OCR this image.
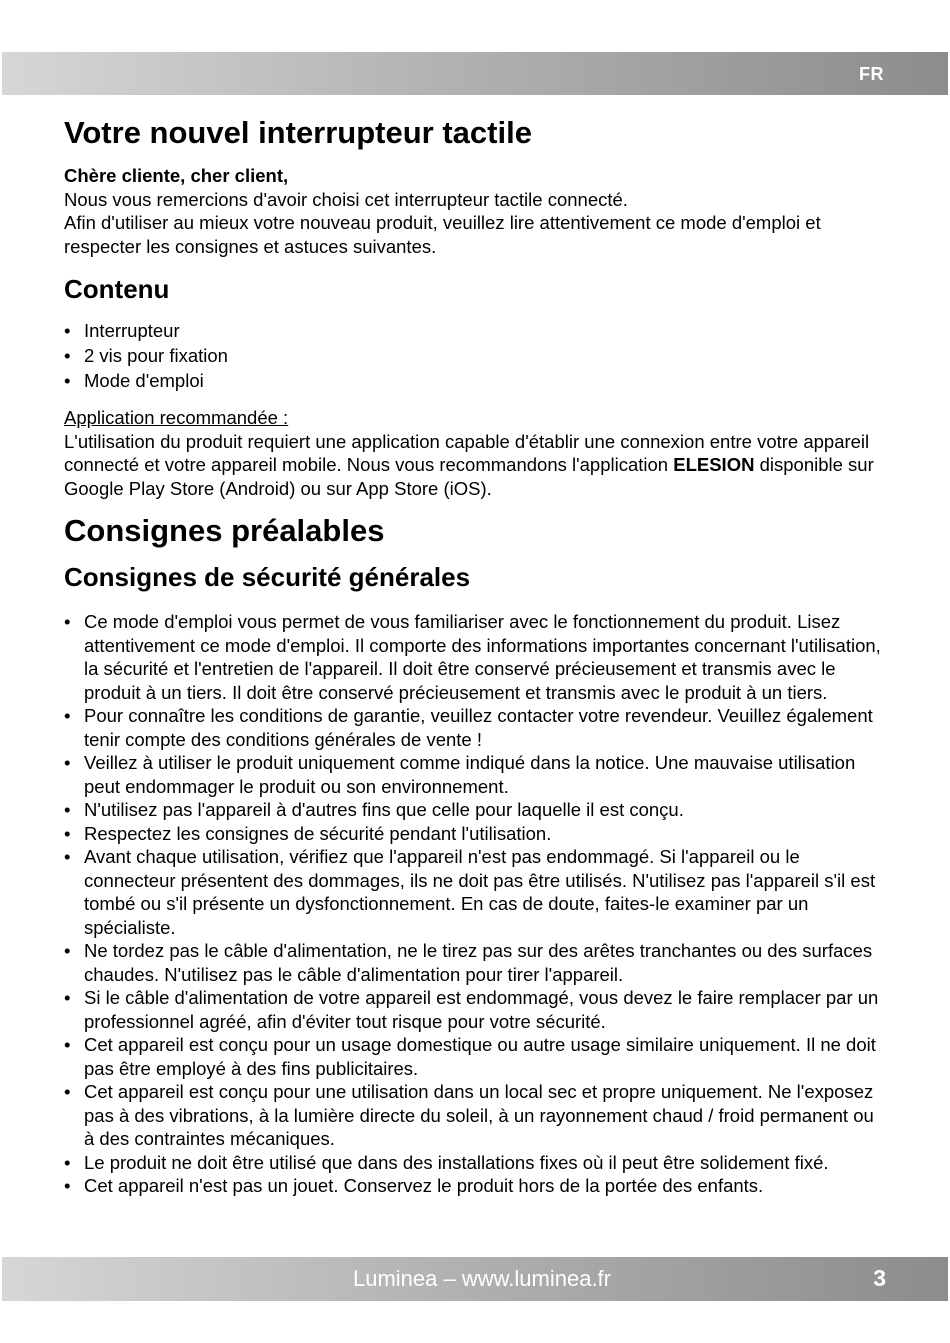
FR
Votre nouvel interrupteur tactile

Chère cliente, cher client,

Nous vous remercions d'avoir choisi cet interrupteur tactile connecté.

Afin d'utiliser au mieux votre nouveau produit, veuillez lire attentivement ce mode d'emploi et respecter les consignes et astuces suivantes.

Contenu
• Interrupteur
• 2 vis pour fixation
• Mode d'emploi

Application recommandée :

L'utilisation du produit requiert une application capable d'établir une connexion entre votre appareil connecté et votre appareil mobile. Nous vous recommandons l'application ELESION disponible sur Google Play Store (Android) ou sur App Store (iOS).

Consignes préalables
Consignes de sécurité générales
• Ce mode d'emploi vous permet de vous familiariser avec le fonctionnement du produit. Lisez attentivement ce mode d'emploi. Il comporte des informations importantes concernant l'utilisation, la sécurité et l'entretien de l'appareil. Il doit être conservé précieusement et transmis avec le produit à un tiers. Il doit être conservé précieusement et transmis avec le produit à un tiers.
• Pour connaître les conditions de garantie, veuillez contacter votre revendeur. Veuillez également tenir compte des conditions générales de vente !
• Veillez à utiliser le produit uniquement comme indiqué dans la notice. Une mauvaise utilisation peut endommager le produit ou son environnement.
• N'utilisez pas l'appareil à d'autres fins que celle pour laquelle il est conçu.
• Respectez les consignes de sécurité pendant l'utilisation.
• Avant chaque utilisation, vérifiez que l'appareil n'est pas endommagé. Si l'appareil ou le connecteur présentent des dommages, ils ne doit pas être utilisés. N'utilisez pas l'appareil s'il est tombé ou s'il présente un dysfonctionnement. En cas de doute, faites-le examiner par un spécialiste.
• Ne tordez pas le câble d'alimentation, ne le tirez pas sur des arêtes tranchantes ou des surfaces chaudes. N'utilisez pas le câble d'alimentation pour tirer l'appareil.
• Si le câble d'alimentation de votre appareil est endommagé, vous devez le faire remplacer par un professionnel agréé, afin d'éviter tout risque pour votre sécurité.
• Cet appareil est conçu pour un usage domestique ou autre usage similaire uniquement. Il ne doit pas être employé à des fins publicitaires.
• Cet appareil est conçu pour une utilisation dans un local sec et propre uniquement. Ne l'exposez pas à des vibrations, à la lumière directe du soleil, à un rayonnement chaud / froid permanent ou à des contraintes mécaniques.
• Le produit ne doit être utilisé que dans des installations fixes où il peut être solidement fixé.
• Cet appareil n'est pas un jouet. Conservez le produit hors de la portée des enfants.
Luminea – www.luminea.fr	3
